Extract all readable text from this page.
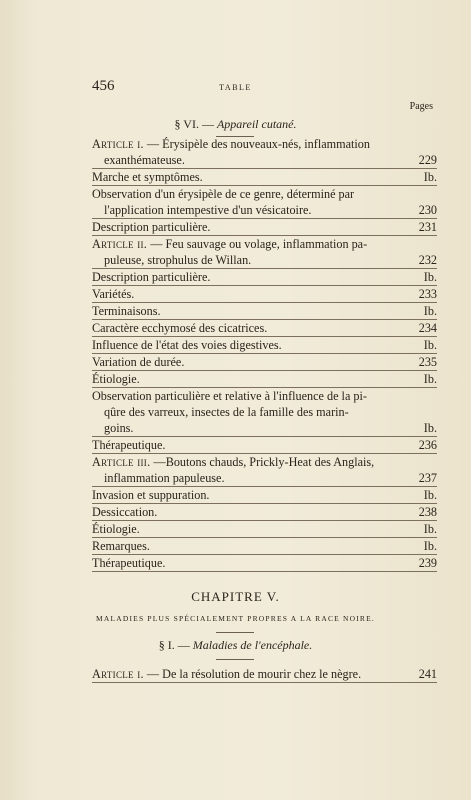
456	TABLE
Pages
§ VI. — Appareil cutané.
Article i. — Érysipèle des nouveaux-nés, inflammation
exanthémateuse.	229
Marche et symptômes.	Ib.
Observation d'un érysipèle de ce genre, déterminé par
l'application intempestive d'un vésicatoire.	230
Description particulière.	231
Article ii. — Feu sauvage ou volage, inflammation pa-
puleuse, strophulus de Willan.	232
Description particulière.	Ib.
Variétés.	233
Terminaisons.	Ib.
Caractère ecchymosé des cicatrices.	234
Influence de l'état des voies digestives.	Ib.
Variation de durée.	235
Étiologie.	Ib.
Observation particulière et relative à l'influence de la pi-
qûre des varreux, insectes de la famille des marin-
goins.	Ib.
Thérapeutique.	236
Article iii. —Boutons chauds, Prickly-Heat des Anglais,
inflammation papuleuse.	237
Invasion et suppuration.	Ib.
Dessiccation.	238
Étiologie.	Ib.
Remarques.	Ib.
Thérapeutique.	239
CHAPITRE V.
MALADIES PLUS SPÉCIALEMENT PROPRES A LA RACE NOIRE.
§ I. — Maladies de l'encéphale.
Article i. — De la résolution de mourir chez le nègre.	241
